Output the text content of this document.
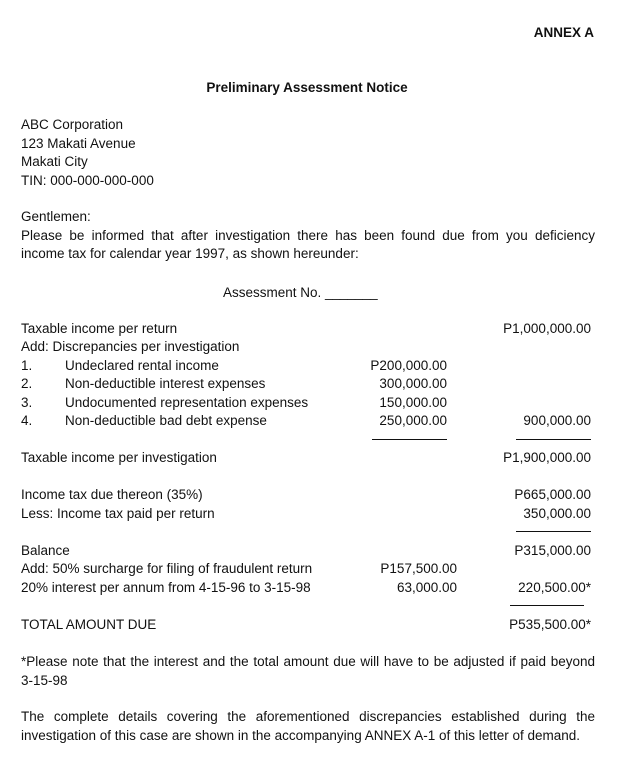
ANNEX A
Preliminary Assessment Notice
ABC Corporation
123 Makati Avenue
Makati City
TIN: 000-000-000-000
Gentlemen:
Please be informed that after investigation there has been found due from you deficiency income tax for calendar year 1997, as shown hereunder:
Assessment No. _______
Taxable income per return	P1,000,000.00
Add: Discrepancies per investigation
1. Undeclared rental income	P200,000.00
2. Non-deductible interest expenses	300,000.00
3. Undocumented representation expenses	150,000.00
4. Non-deductible bad debt expense	250,000.00	900,000.00
Taxable income per investigation	P1,900,000.00
Income tax due thereon (35%)	P665,000.00
Less: Income tax paid per return	350,000.00
Balance	P315,000.00
Add: 50% surcharge for filing of fraudulent return	P157,500.00
20% interest per annum from 4-15-96 to 3-15-98	63,000.00	220,500.00*
TOTAL AMOUNT DUE	P535,500.00*
*Please note that the interest and the total amount due will have to be adjusted if paid beyond 3-15-98
The complete details covering the aforementioned discrepancies established during the investigation of this case are shown in the accompanying ANNEX A-1 of this letter of demand.
